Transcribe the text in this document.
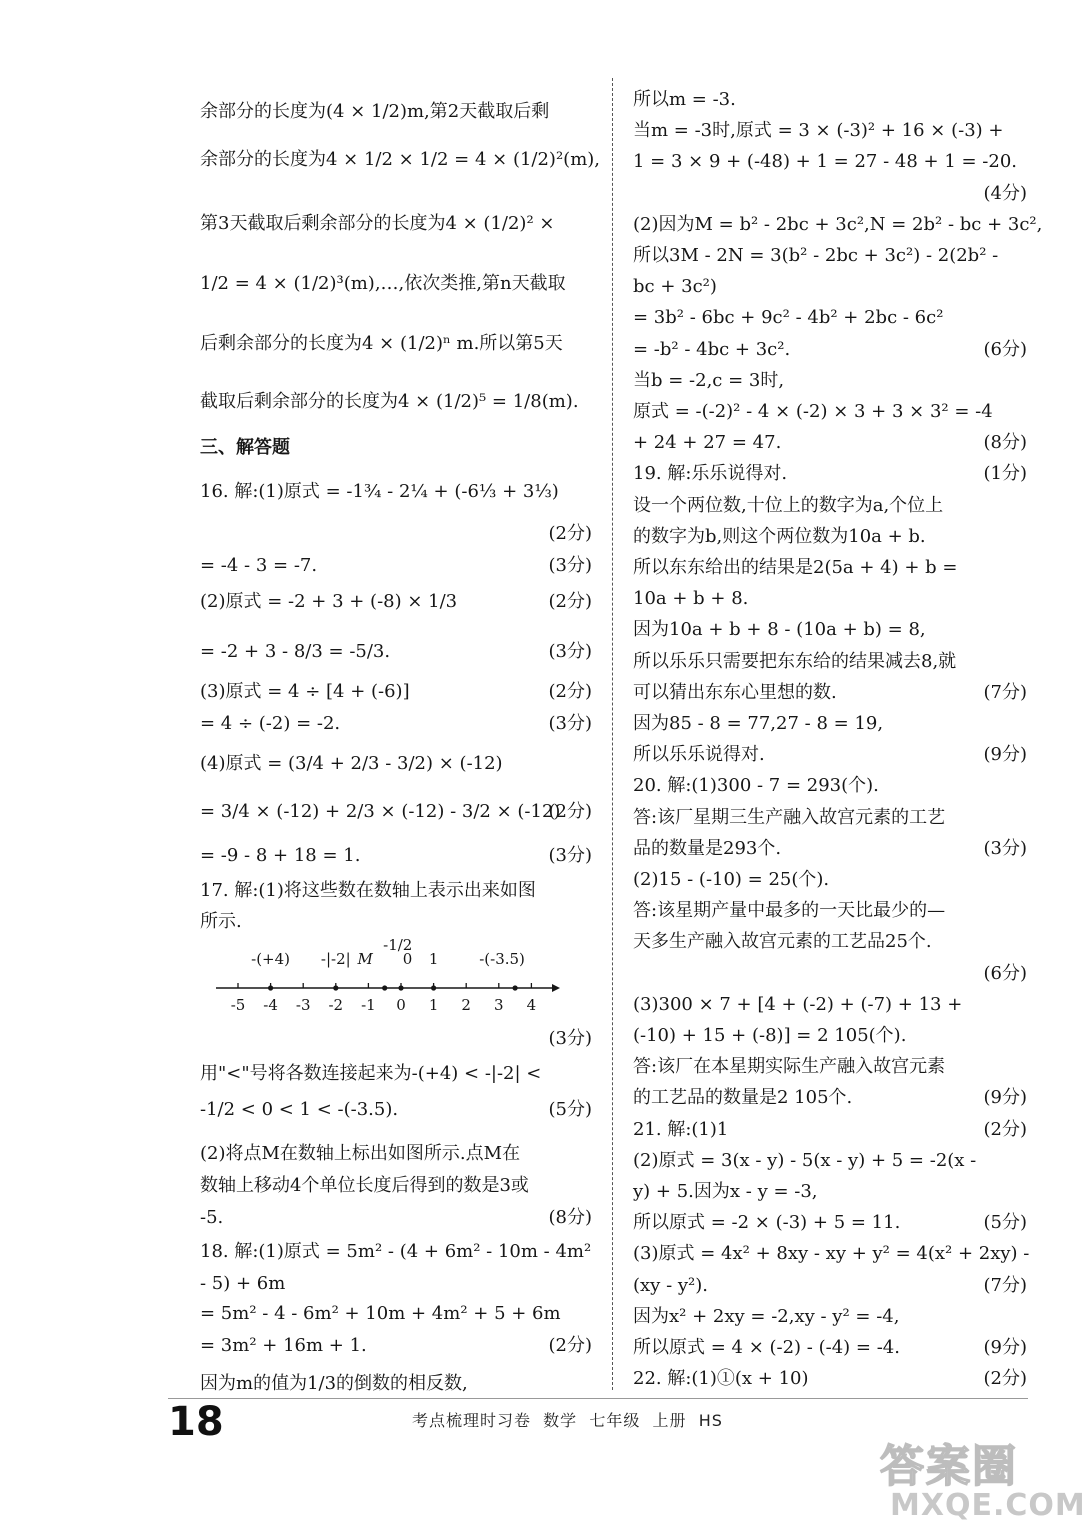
余部分的长度为(4 × 1/2)m,第2天截取后剩
余部分的长度为4 × 1/2 × 1/2 = 4 × (1/2)²(m),
第3天截取后剩余部分的长度为4 × (1/2)² ×
1/2 = 4 × (1/2)³(m),…,依次类推,第n天截取
后剩余部分的长度为4 × (1/2)ⁿ m.所以第5天
截取后剩余部分的长度为4 × (1/2)⁵ = 1/8(m).
三、解答题
16. 解:(1)原式 = -1¾ - 2¼ + (-6⅓ + 3⅓)
(2分)
= -4 - 3 = -7.	(3分)
(2)原式 = -2 + 3 + (-8) × 1/3	(2分)
= -2 + 3 - 8/3 = -5/3.	(3分)
(3)原式 = 4 ÷ [4 + (-6)]	(2分)
= 4 ÷ (-2) = -2.	(3分)
(4)原式 = (3/4 + 2/3 - 3/2) × (-12)
= 3/4 × (-12) + 2/3 × (-12) - 3/2 × (-12)
(2分)
= -9 - 8 + 18 = 1.	(3分)
17. 解:(1)将这些数在数轴上表示出来如图
所示.
-5 -4 -3 -2 -1 0 1 2 3 4
-(+4) -|-2|
-1/2
0 1	-(-3.5)
M
(3分)
用"<"号将各数连接起来为-(+4) < -|-2| <
-1/2 < 0 < 1 < -(-3.5).	(5分)
(2)将点M在数轴上标出如图所示.点M在
数轴上移动4个单位长度后得到的数是3或
-5.	(8分)
18. 解:(1)原式 = 5m² - (4 + 6m² - 10m - 4m²
- 5) + 6m
= 5m² - 4 - 6m² + 10m + 4m² + 5 + 6m
= 3m² + 16m + 1.	(2分)
因为m的值为1/3的倒数的相反数,
所以m = -3.
当m = -3时,原式 = 3 × (-3)² + 16 × (-3) +
1 = 3 × 9 + (-48) + 1 = 27 - 48 + 1 = -20.
(4分)
(2)因为M = b² - 2bc + 3c²,N = 2b² - bc + 3c²,
所以3M - 2N = 3(b² - 2bc + 3c²) - 2(2b² -
bc + 3c²)
= 3b² - 6bc + 9c² - 4b² + 2bc - 6c²
= -b² - 4bc + 3c².	(6分)
当b = -2,c = 3时,
原式 = -(-2)² - 4 × (-2) × 3 + 3 × 3² = -4
+ 24 + 27 = 47.	(8分)
19. 解:乐乐说得对.	(1分)
设一个两位数,十位上的数字为a,个位上
的数字为b,则这个两位数为10a + b.
所以东东给出的结果是2(5a + 4) + b =
10a + b + 8.
因为10a + b + 8 - (10a + b) = 8,
所以乐乐只需要把东东给的结果减去8,就
可以猜出东东心里想的数.	(7分)
因为85 - 8 = 77,27 - 8 = 19,
所以乐乐说得对.	(9分)
20. 解:(1)300 - 7 = 293(个).
答:该厂星期三生产融入故宫元素的工艺
品的数量是293个.	(3分)
(2)15 - (-10) = 25(个).
答:该星期产量中最多的一天比最少的—
天多生产融入故宫元素的工艺品25个.
(6分)
(3)300 × 7 + [4 + (-2) + (-7) + 13 +
(-10) + 15 + (-8)] = 2 105(个).
答:该厂在本星期实际生产融入故宫元素
的工艺品的数量是2 105个.	(9分)
21. 解:(1)1	(2分)
(2)原式 = 3(x - y) - 5(x - y) + 5 = -2(x -
y) + 5.因为x - y = -3,
所以原式 = -2 × (-3) + 5 = 11.	(5分)
(3)原式 = 4x² + 8xy - xy + y² = 4(x² + 2xy) -
(xy - y²).	(7分)
因为x² + 2xy = -2,xy - y² = -4,
所以原式 = 4 × (-2) - (-4) = -4.	(9分)
22. 解:(1)①(x + 10)	(2分)
18	考点梳理时习卷  数学  七年级  上册  HS
答案圈
MXQE.COM
